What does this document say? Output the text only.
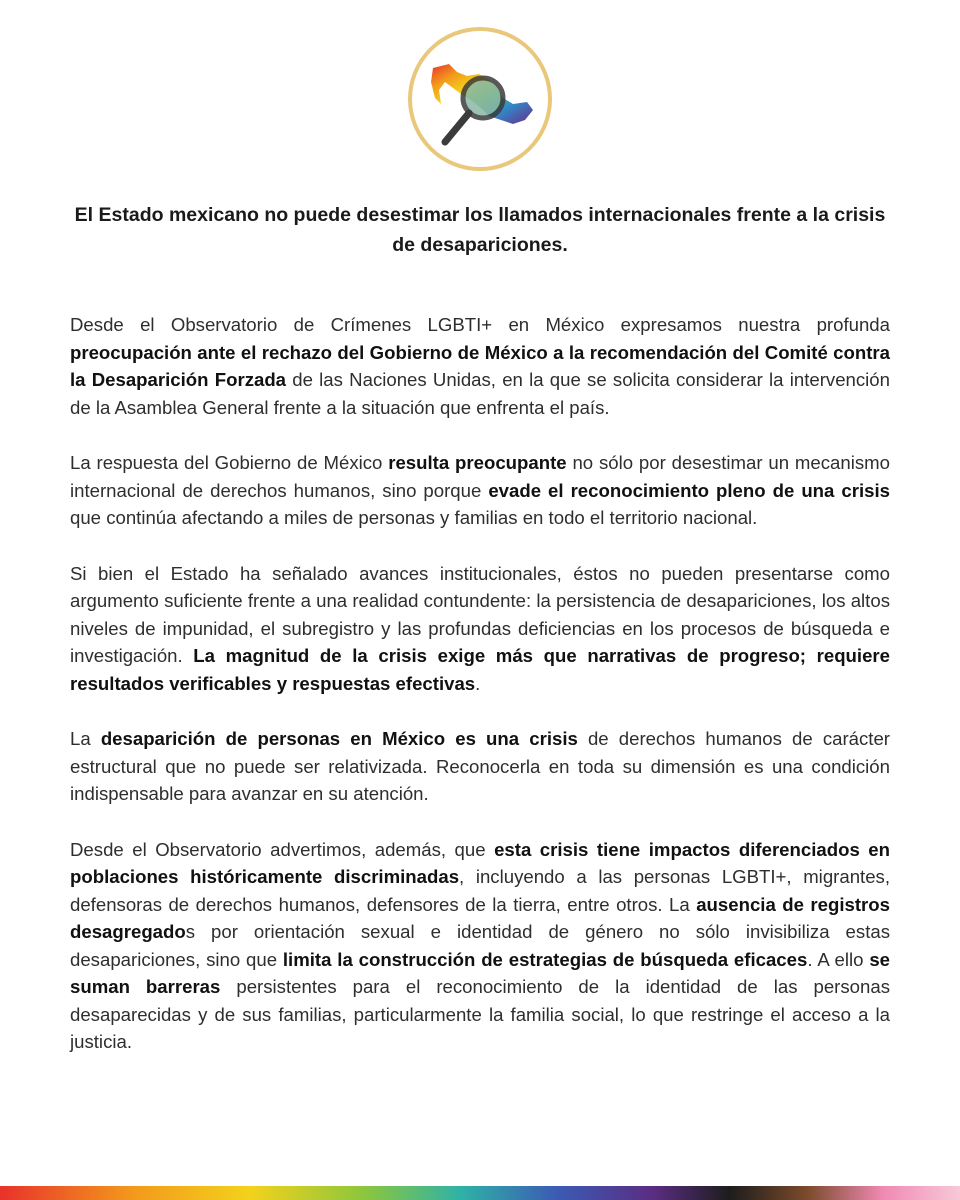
El Estado mexicano no puede desestimar los llamados internacionales frente a la crisis de desapariciones.

Desde el Observatorio de Crímenes LGBTI+ en México expresamos nuestra profunda preocupación ante el rechazo del Gobierno de México a la recomendación del Comité contra la Desaparición Forzada de las Naciones Unidas, en la que se solicita considerar la intervención de la Asamblea General frente a la situación que enfrenta el país.

La respuesta del Gobierno de México resulta preocupante no sólo por desestimar un mecanismo internacional de derechos humanos, sino porque evade el reconocimiento pleno de una crisis que continúa afectando a miles de personas y familias en todo el territorio nacional.

Si bien el Estado ha señalado avances institucionales, éstos no pueden presentarse como argumento suficiente frente a una realidad contundente: la persistencia de desapariciones, los altos niveles de impunidad, el subregistro y las profundas deficiencias en los procesos de búsqueda e investigación. La magnitud de la crisis exige más que narrativas de progreso; requiere resultados verificables y respuestas efectivas.

La desaparición de personas en México es una crisis de derechos humanos de carácter estructural que no puede ser relativizada. Reconocerla en toda su dimensión es una condición indispensable para avanzar en su atención.

Desde el Observatorio advertimos, además, que esta crisis tiene impactos diferenciados en poblaciones históricamente discriminadas, incluyendo a las personas LGBTI+, migrantes, defensoras de derechos humanos, defensores de la tierra, entre otros. La ausencia de registros desagregados por orientación sexual e identidad de género no sólo invisibiliza estas desapariciones, sino que limita la construcción de estrategias de búsqueda eficaces. A ello se suman barreras persistentes para el reconocimiento de la identidad de las personas desaparecidas y de sus familias, particularmente la familia social, lo que restringe el acceso a la justicia.
